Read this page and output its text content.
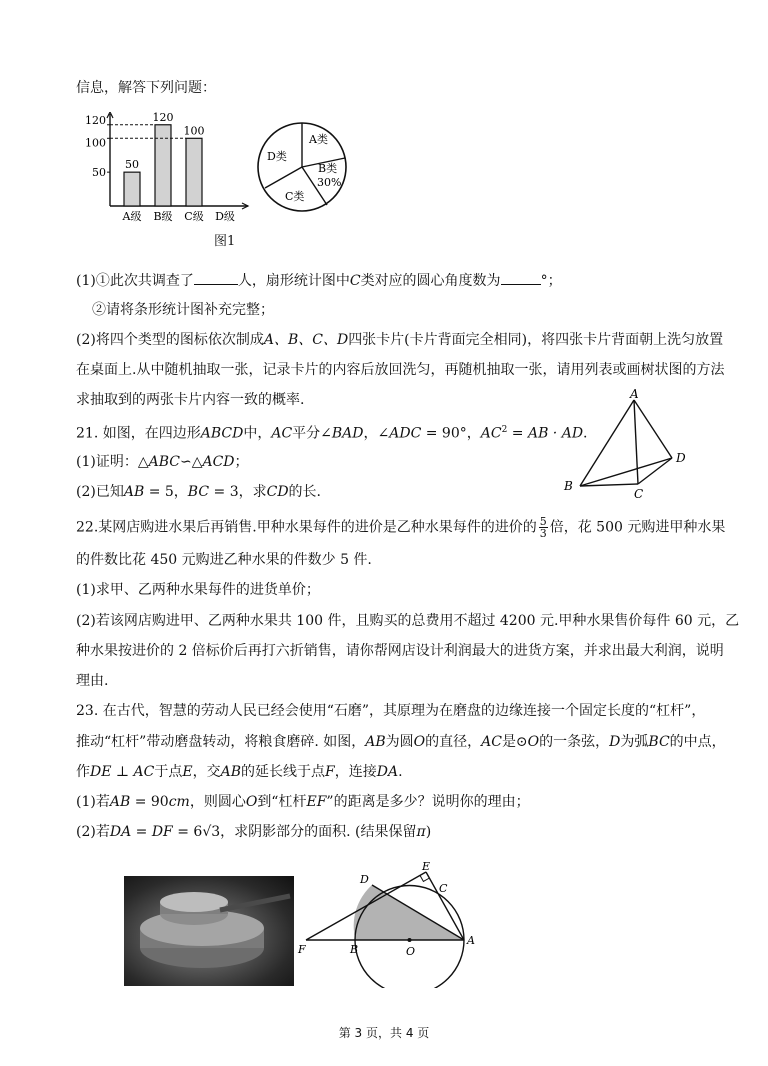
信息，解答下列问题：
50
A级
120
B级
100
C级 D级
120
100
50
A类
B类
30%
C类
D类
图1
(1)①此次共调查了	人，扇形统计图中C类对应的圆心角度数为	°；
②请将条形统计图补充完整；
(2)将四个类型的图标依次制成A、B、C、D四张卡片(卡片背面完全相同)，将四张卡片背面朝上洗匀放置
在桌面上.从中随机抽取一张，记录卡片的内容后放回洗匀，再随机抽取一张，请用列表或画树状图的方法
求抽取到的两张卡片内容一致的概率.
21. 如图，在四边形ABCD中，AC平分∠BAD，∠ADC = 90°，$AC^2$ = AB · AD.
(1)证明：△ABC∽△ACD；
(2)已知AB = 5，BC = 3，求CD的长.
A
B
C
D
22.某网店购进水果后再销售.甲种水果每件的进价是乙种水果每件的进价的 $\frac{5}{3}$ 倍，花 500 元购进甲种水果
的件数比花 450 元购进乙种水果的件数少 5 件.
(1)求甲、乙两种水果每件的进货单价；
(2)若该网店购进甲、乙两种水果共 100 件，且购买的总费用不超过 4200 元.甲种水果售价每件 60 元，乙
种水果按进价的 2 倍标价后再打六折销售，请你帮网店设计利润最大的进货方案，并求出最大利润，说明
理由.
23. 在古代，智慧的劳动人民已经会使用“石磨”，其原理为在磨盘的边缘连接一个固定长度的“杠杆”，
推动“杠杆”带动磨盘转动，将粮食磨碎. 如图，AB为圆O的直径，AC是⊙O的一条弦，D为弧BC的中点，
作DE ⊥ AC于点E，交AB的延长线于点F，连接DA.
(1)若AB = 90cm，则圆心O到“杠杆EF”的距离是多少？说明你的理由；
(2)若DA = DF = 6√3，求阴影部分的面积. (结果保留π)
E
D
C
F	B	O
A
第 3 页，共 4 页
